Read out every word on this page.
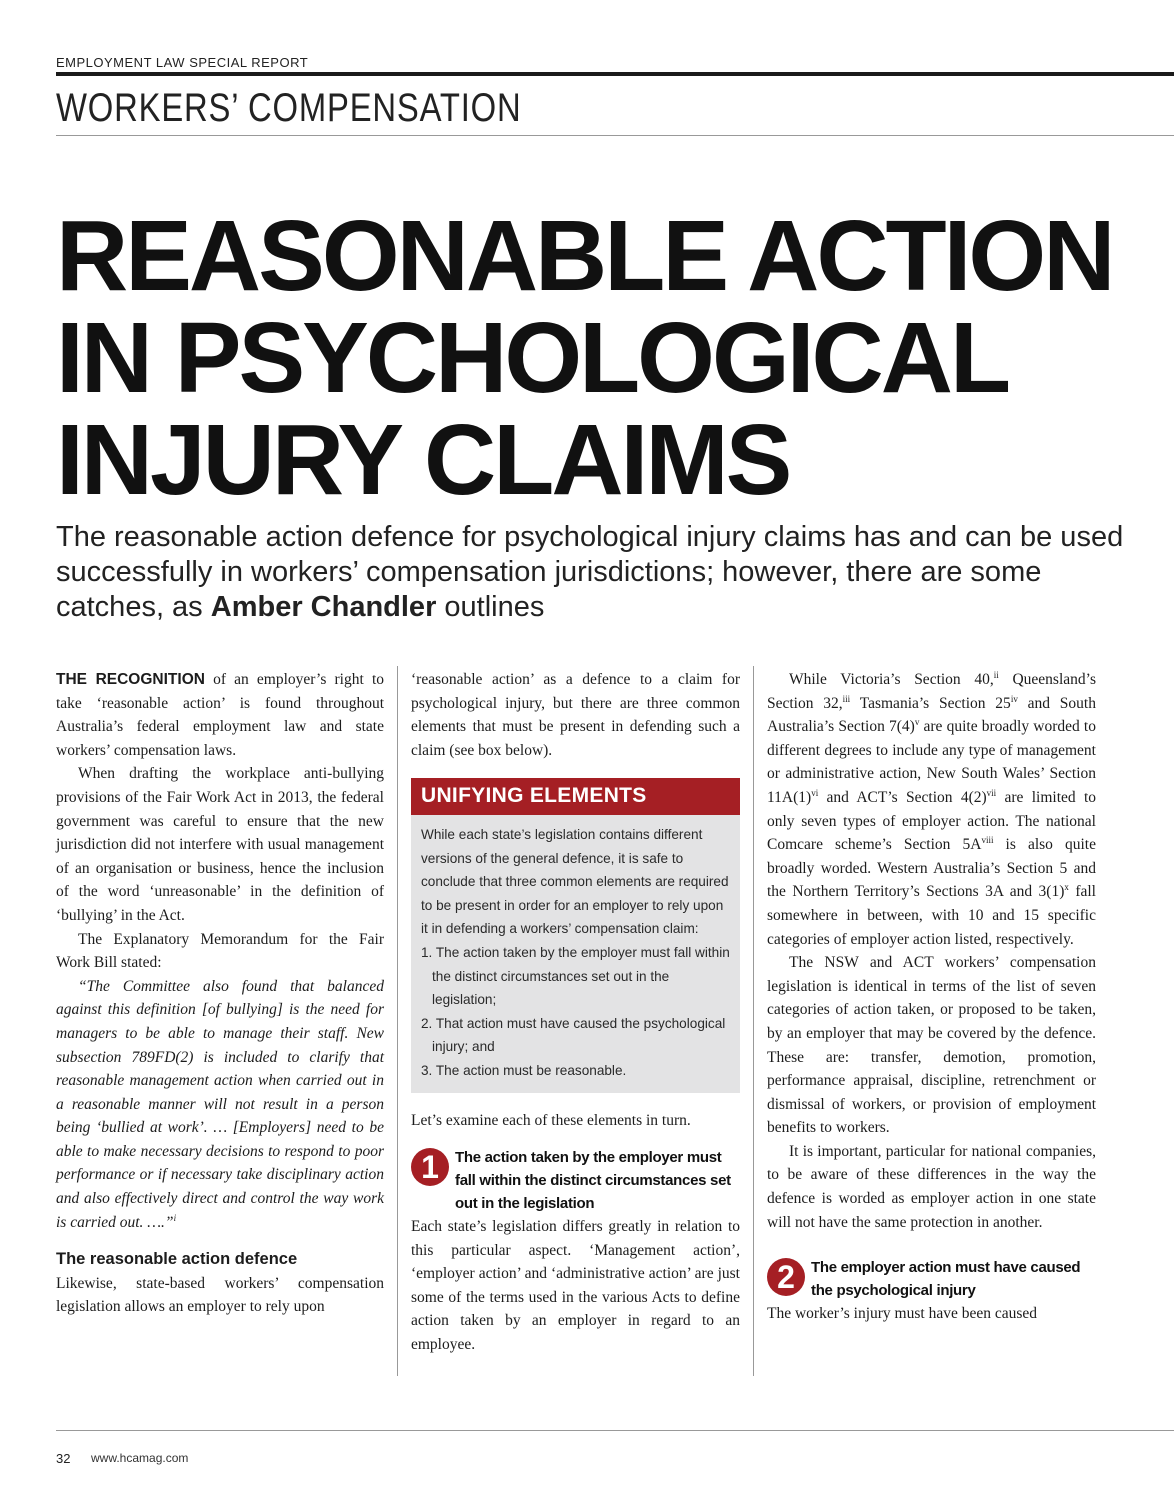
EMPLOYMENT LAW SPECIAL REPORT
WORKERS’ COMPENSATION
REASONABLE ACTION
IN PSYCHOLOGICAL
INJURY CLAIMS
The reasonable action defence for psychological injury claims has and can be used successfully in workers’ compensation jurisdictions; however, there are some catches, as Amber Chandler outlines

THE RECOGNITION of an employer’s right to take ‘reasonable action’ is found throughout Australia’s federal employment law and state workers’ compensation laws.

When drafting the workplace anti-bullying provisions of the Fair Work Act in 2013, the federal government was careful to ensure that the new jurisdiction did not interfere with usual management of an organisation or business, hence the inclusion of the word ‘unreasonable’ in the definition of ‘bullying’ in the Act.

The Explanatory Memorandum for the Fair Work Bill stated:

“The Committee also found that balanced against this definition [of bullying] is the need for managers to be able to manage their staff. New subsection 789FD(2) is included to clarify that reasonable management action when carried out in a reasonable manner will not result in a person being ‘bullied at work’. … [Employers] need to be able to make necessary decisions to respond to poor performance or if necessary take disciplinary action and also effectively direct and control the way work is carried out. ….”$^i$

The reasonable action defence

Likewise, state-based workers’ compensation legislation allows an employer to rely upon

‘reasonable action’ as a defence to a claim for psychological injury, but there are three common elements that must be present in defending such a claim (see box below).

UNIFYING ELEMENTS
While each state’s legislation contains different versions of the general defence, it is safe to conclude that three common elements are required to be present in order for an employer to rely upon it in defending a workers’ compensation claim:
1. The action taken by the employer must fall within the distinct circumstances set out in the legislation;
2. That action must have caused the psychological injury; and
3. The action must be reasonable.

Let’s examine each of these elements in turn.

1	The action taken by the employer must fall within the distinct circumstances set out in the legislation

Each state’s legislation differs greatly in relation to this particular aspect. ‘Management action’, ‘employer action’ and ‘administrative action’ are just some of the terms used in the various Acts to define action taken by an employer in regard to an employee.

While Victoria’s Section 40,$^{ii}$ Queensland’s Section 32,$^{iii}$ Tasmania’s Section 25$^{iv}$ and South Australia’s Section $7(4)^v$ are quite broadly worded to different degrees to include any type of management or administrative action, New South Wales’ Section $11A(1)^{vi}$ and ACT’s Section $4(2)^{vii}$ are limited to only seven types of employer action. The national Comcare scheme’s Section $5A^{viii}$ is also quite broadly worded. Western Australia’s Section 5 and the Northern Territory’s Sections 3A and $3(1)^x$ fall somewhere in between, with 10 and 15 specific categories of employer action listed, respectively.

The NSW and ACT workers’ compensation legislation is identical in terms of the list of seven categories of action taken, or proposed to be taken, by an employer that may be covered by the defence. These are: transfer, demotion, promotion, performance appraisal, discipline, retrenchment or dismissal of workers, or provision of employment benefits to workers.

It is important, particular for national companies, to be aware of these differences in the way the defence is worded as employer action in one state will not have the same protection in another.

2	The employer action must have caused the psychological injury

The worker’s injury must have been caused

32 www.hcamag.com
